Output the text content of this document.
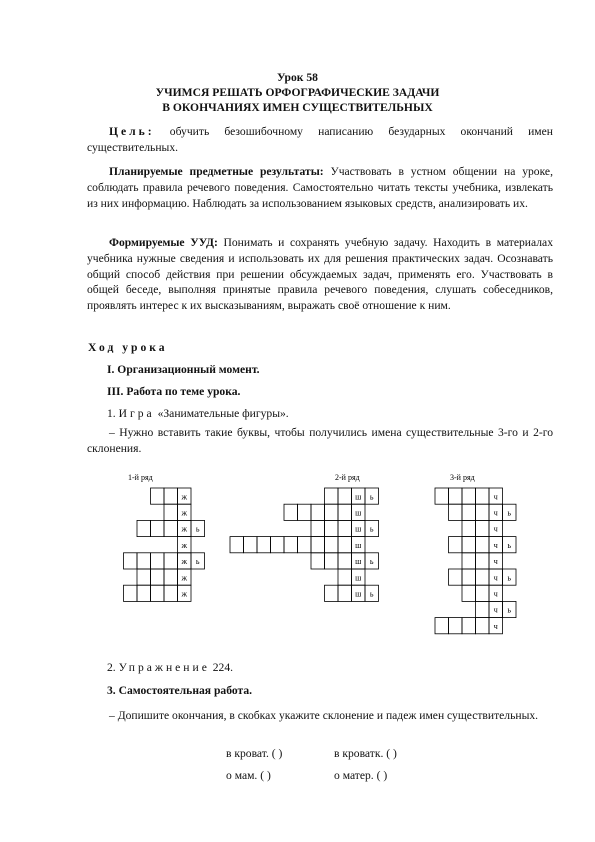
Урок 58
УЧИМСЯ РЕШАТЬ ОРФОГРАФИЧЕСКИЕ ЗАДАЧИ
В ОКОНЧАНИЯХ ИМЕН СУЩЕСТВИТЕЛЬНЫХ
Цель: обучить безошибочному написанию безударных окончаний имен существительных.
Планируемые предметные результаты: Участвовать в устном общении на уроке, соблюдать правила речевого поведения. Самостоятельно читать тексты учебника, извлекать из них информацию. Наблюдать за использованием языковых средств, анализировать их.
Формируемые УУД: Понимать и сохранять учебную задачу. Находить в материалах учебника нужные сведения и использовать их для решения практических задач. Осознавать общий способ действия при решении обсуждаемых задач, применять его. Участвовать в общей беседе, выполняя принятые правила речевого поведения, слушать собеседников, проявлять интерес к их высказываниям, выражать своё отношение к ним.
Ход урока
I. Организационный момент.
III. Работа по теме урока.
1. Игра «Занимательные фигуры».
– Нужно вставить такие буквы, чтобы получились имена существительные 3-го и 2-го склонения.
ж
ж
ж ь
ж
ж ь
ж
ж
ш ь
ш
ш ь
ш
ш ь
ш
ш ь
ч
ч ь
ч
ч ь
ч
ч ь
ч
ч ь
ч
1-й ряд	2-й ряд	3-й ряд
2. Упражнение 224.
3. Самостоятельная работа.
– Допишите окончания, в скобках укажите склонение и падеж имен существительных.
в кроват. ( )	в кроватк. ( )
о мам. ( )	о матер. ( )
